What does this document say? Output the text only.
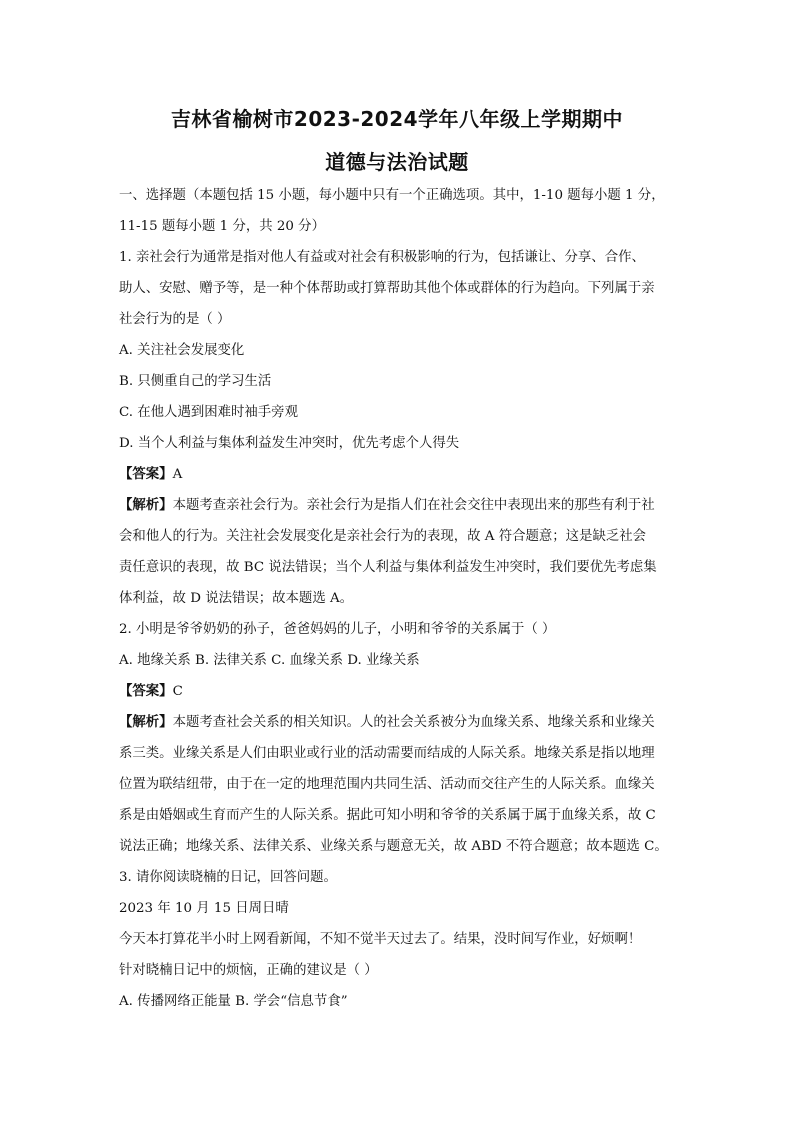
吉林省榆树市2023-2024学年八年级上学期期中
道德与法治试题
一、选择题（本题包括 15 小题，每小题中只有一个正确选项。其中，1-10 题每小题 1 分，
11-15 题每小题 1 分，共 20 分）
1. 亲社会行为通常是指对他人有益或对社会有积极影响的行为，包括谦让、分享、合作、
助人、安慰、赠予等，是一种个体帮助或打算帮助其他个体或群体的行为趋向。下列属于亲
社会行为的是（ ）
A. 关注社会发展变化
B. 只侧重自己的学习生活
C. 在他人遇到困难时袖手旁观
D. 当个人利益与集体利益发生冲突时，优先考虑个人得失
【答案】A
【解析】本题考查亲社会行为。亲社会行为是指人们在社会交往中表现出来的那些有利于社
会和他人的行为。关注社会发展变化是亲社会行为的表现，故 A 符合题意；这是缺乏社会
责任意识的表现，故 BC 说法错误；当个人利益与集体利益发生冲突时，我们要优先考虑集
体利益，故 D 说法错误；故本题选 A。
2. 小明是爷爷奶奶的孙子，爸爸妈妈的儿子，小明和爷爷的关系属于（ ）
A. 地缘关系 B. 法律关系 C. 血缘关系 D. 业缘关系
【答案】C
【解析】本题考查社会关系的相关知识。人的社会关系被分为血缘关系、地缘关系和业缘关
系三类。业缘关系是人们由职业或行业的活动需要而结成的人际关系。地缘关系是指以地理
位置为联结纽带，由于在一定的地理范围内共同生活、活动而交往产生的人际关系。血缘关
系是由婚姻或生育而产生的人际关系。据此可知小明和爷爷的关系属于属于血缘关系，故 C
说法正确；地缘关系、法律关系、业缘关系与题意无关，故 ABD 不符合题意；故本题选 C。
3. 请你阅读晓楠的日记，回答问题。
2023 年 10 月 15 日周日晴
今天本打算花半小时上网看新闻，不知不觉半天过去了。结果，没时间写作业，好烦啊！
针对晓楠日记中的烦恼，正确的建议是（ ）
A. 传播网络正能量 B. 学会“信息节食”
